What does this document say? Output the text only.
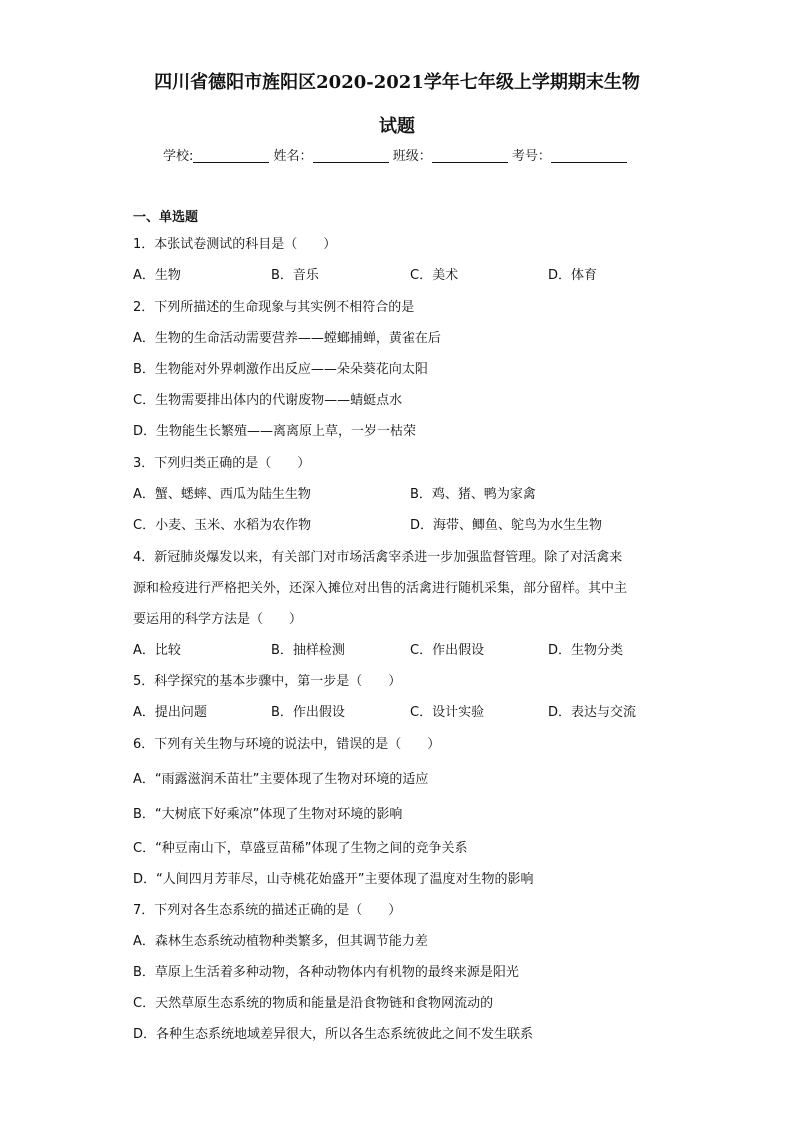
四川省德阳市旌阳区2020-2021学年七年级上学期期末生物
试题
学校:	姓名：	班级：	考号：
一、单选题
1．本张试卷测试的科目是（　　）
A．生物	B．音乐	C．美术	D．体育
2．下列所描述的生命现象与其实例不相符合的是
A．生物的生命活动需要营养——螳螂捕蝉，黄雀在后
B．生物能对外界刺激作出反应——朵朵葵花向太阳
C．生物需要排出体内的代谢废物——蜻蜓点水
D．生物能生长繁殖——离离原上草，一岁一枯荣
3．下列归类正确的是（　　）
A．蟹、蟋蟀、西瓜为陆生生物	B．鸡、猪、鸭为家禽
C．小麦、玉米、水稻为农作物	D．海带、鲫鱼、鸵鸟为水生生物
4．新冠肺炎爆发以来，有关部门对市场活禽宰杀进一步加强监督管理。除了对活禽来
源和检疫进行严格把关外，还深入摊位对出售的活禽进行随机采集，部分留样。其中主
要运用的科学方法是（　　）
A．比较	B．抽样检测	C．作出假设	D．生物分类
5．科学探究的基本步骤中，第一步是（　　）
A．提出问题	B．作出假设	C．设计实验	D．表达与交流
6．下列有关生物与环境的说法中，错误的是（　　）
A．“雨露滋润禾苗壮”主要体现了生物对环境的适应
B．“大树底下好乘凉”体现了生物对环境的影响
C．“种豆南山下，草盛豆苗稀”体现了生物之间的竞争关系
D．“人间四月芳菲尽，山寺桃花始盛开”主要体现了温度对生物的影响
7．下列对各生态系统的描述正确的是（　　）
A．森林生态系统动植物种类繁多，但其调节能力差
B．草原上生活着多种动物，各种动物体内有机物的最终来源是阳光
C．天然草原生态系统的物质和能量是沿食物链和食物网流动的
D．各种生态系统地域差异很大，所以各生态系统彼此之间不发生联系
